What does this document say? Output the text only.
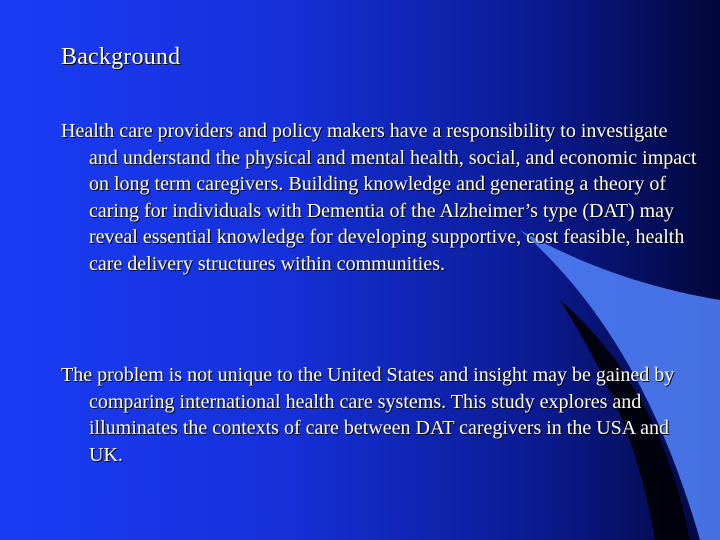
Background

Health care providers and policy makers have a responsibility to investigate and understand the physical and mental health, social, and economic impact on long term caregivers. Building knowledge and generating a theory of caring for individuals with Dementia of the Alzheimer’s type (DAT) may reveal essential knowledge for developing supportive, cost feasible, health care delivery structures within communities.

The problem is not unique to the United States and insight may be gained by comparing international health care systems. This study explores and illuminates the contexts of care between DAT caregivers in the USA and UK.
